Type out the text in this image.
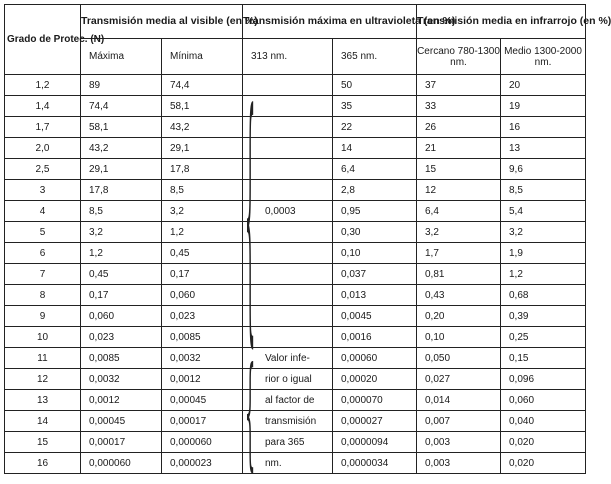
Grado de Protec. (N)	Transmisión media al visible (en %)		Transmisión máxima en ultravioleta (en %)		Transmisión media en infrarrojo (en %)	
	Máxima	Mínima	313 nm.	365 nm.	Cercano 780-1300 nm.	Medio 1300-2000 nm.
1,2	89	74,4		50	37	20
1,4	74,4	58,1		35	33	19
1,7	58,1	43,2		22	26	16
2,0	43,2	29,1		14	21	13
2,5	29,1	17,8		6,4	15	9,6
3	17,8	8,5		2,8	12	8,5
4	8,5	3,2	0,0003	0,95	6,4	5,4
5	3,2	1,2		0,30	3,2	3,2
6	1,2	0,45		0,10	1,7	1,9
7	0,45	0,17		0,037	0,81	1,2
8	0,17	0,060		0,013	0,43	0,68
9	0,060	0,023		0,0045	0,20	0,39
10	0,023	0,0085		0,0016	0,10	0,25
11	0,0085	0,0032	Valor infe-	0,00060	0,050	0,15
12	0,0032	0,0012	rior o igual	0,00020	0,027	0,096
13	0,0012	0,00045	al factor de	0,000070	0,014	0,060
14	0,00045	0,00017	transmisión	0,000027	0,007	0,040
15	0,00017	0,000060	para 365	0,0000094	0,003	0,020
16	0,000060	0,000023	nm.	0,0000034	0,003	0,020
{
{
